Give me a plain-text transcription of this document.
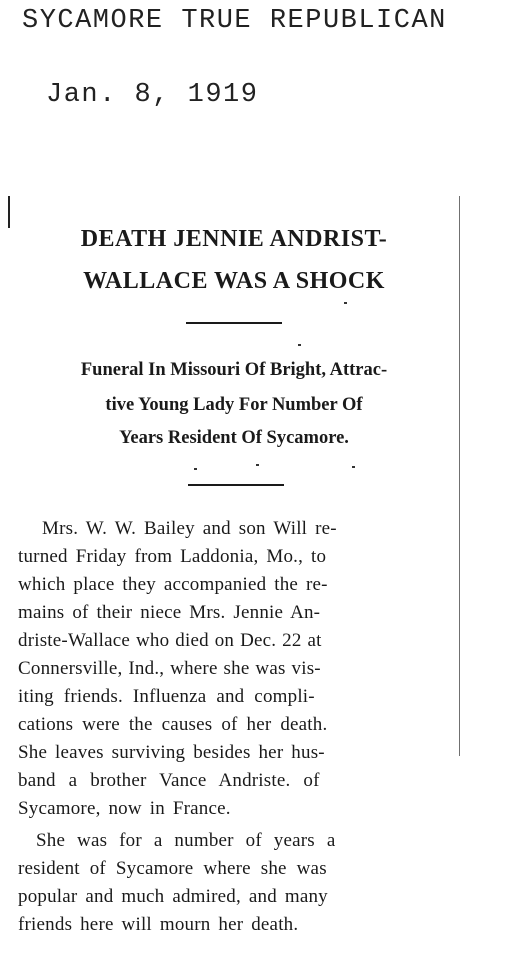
SYCAMORE TRUE REPUBLICAN
Jan. 8, 1919
DEATH JENNIE ANDRIST-
WALLACE WAS A SHOCK
Funeral In Missouri Of Bright, Attrac-
tive Young Lady For Number Of
Years Resident Of Sycamore.
Mrs. W. W. Bailey and son Will re-
turned Friday from Laddonia, Mo., to
which place they accompanied the re-
mains of their niece Mrs. Jennie An-
driste-Wallace who died on Dec. 22 at
Connersville, Ind., where she was vis-
iting friends. Influenza and compli-
cations were the causes of her death.
She leaves surviving besides her hus-
band a brother Vance Andriste. of
Sycamore, now in France.
She was for a number of years a
resident of Sycamore where she was
popular and much admired, and many
friends here will mourn her death.
